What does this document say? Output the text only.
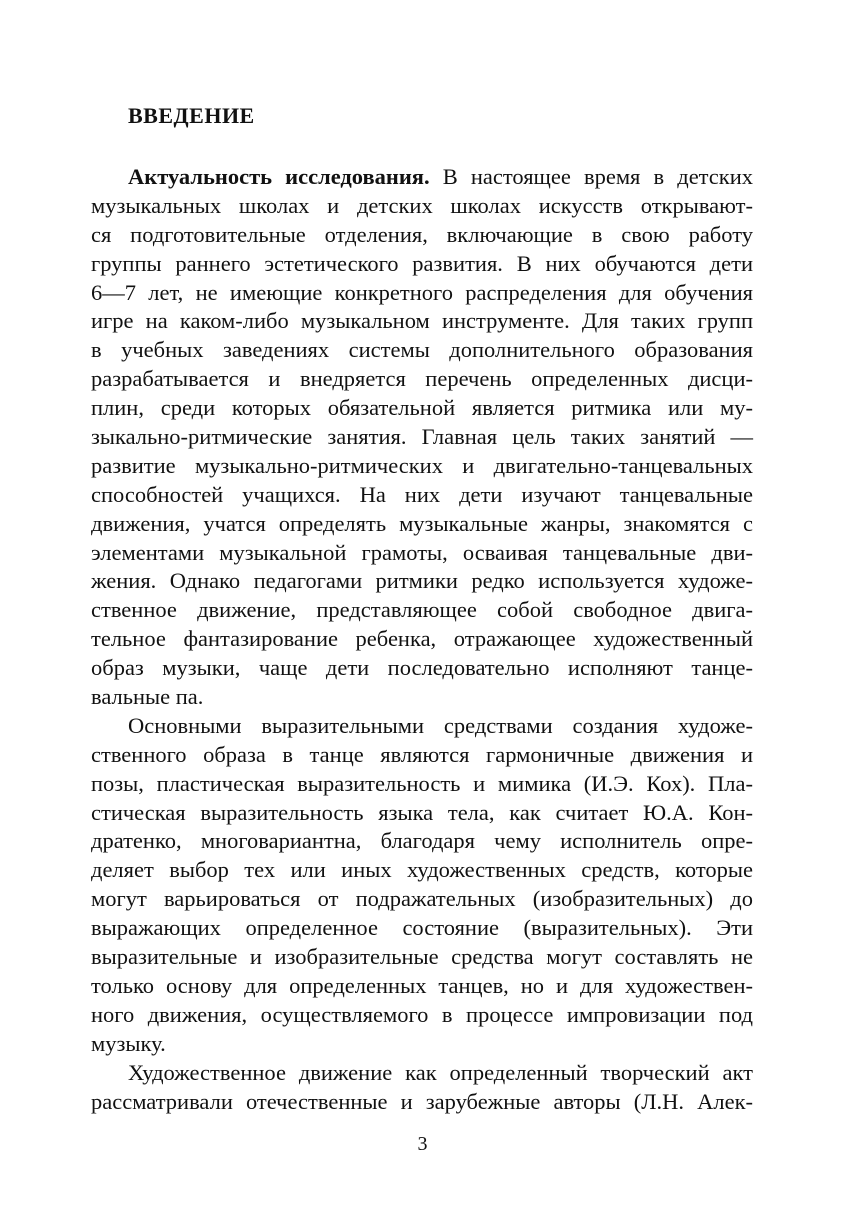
ВВЕДЕНИЕ
Актуальность исследования. В настоящее время в детских
музыкальных школах и детских школах искусств открывают-
ся подготовительные отделения, включающие в свою работу
группы раннего эстетического развития. В них обучаются дети
6—7 лет, не имеющие конкретного распределения для обучения
игре на каком-либо музыкальном инструменте. Для таких групп
в учебных заведениях системы дополнительного образования
разрабатывается и внедряется перечень определенных дисци-
плин, среди которых обязательной является ритмика или му-
зыкально-ритмические занятия. Главная цель таких занятий —
развитие музыкально-ритмических и двигательно-танцевальных
способностей учащихся. На них дети изучают танцевальные
движения, учатся определять музыкальные жанры, знакомятся с
элементами музыкальной грамоты, осваивая танцевальные дви-
жения. Однако педагогами ритмики редко используется художе-
ственное движение, представляющее собой свободное двига-
тельное фантазирование ребенка, отражающее художественный
образ музыки, чаще дети последовательно исполняют танце-
вальные па.
Основными выразительными средствами создания художе-
ственного образа в танце являются гармоничные движения и
позы, пластическая выразительность и мимика (И.Э. Кох). Пла-
стическая выразительность языка тела, как считает Ю.А. Кон-
дратенко, многовариантна, благодаря чему исполнитель опре-
деляет выбор тех или иных художественных средств, которые
могут варьироваться от подражательных (изобразительных) до
выражающих определенное состояние (выразительных). Эти
выразительные и изобразительные средства могут составлять не
только основу для определенных танцев, но и для художествен-
ного движения, осуществляемого в процессе импровизации под
музыку.
Художественное движение как определенный творческий акт
рассматривали отечественные и зарубежные авторы (Л.Н. Алек-

3
